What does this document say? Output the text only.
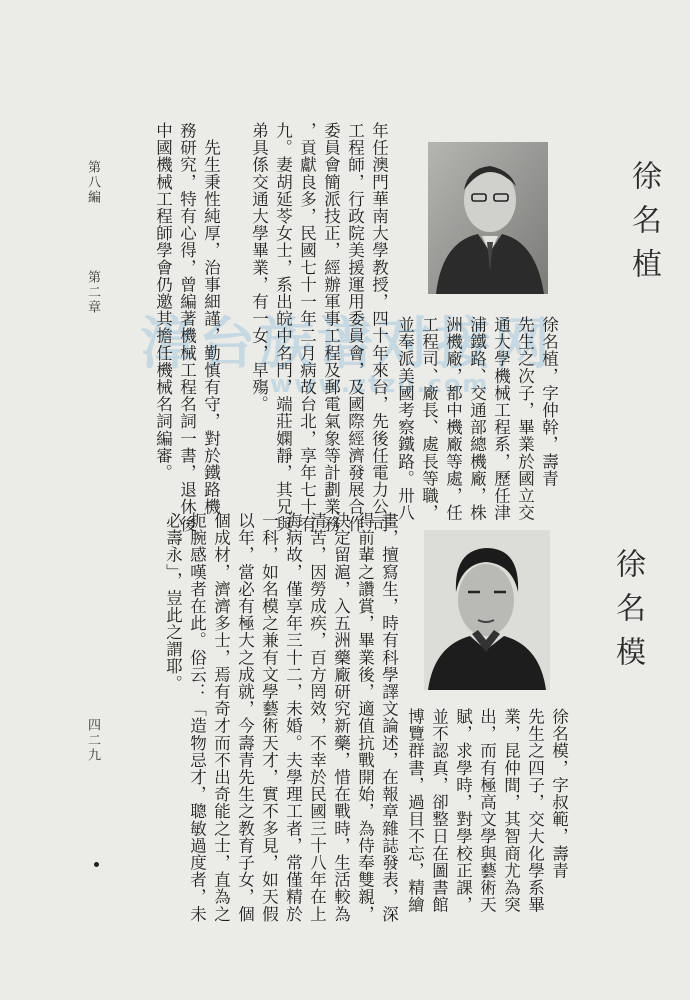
漳台族谱对接网
www.ztzu.com
徐名植
徐名模
徐名植，字仲幹，壽青
先生之次子，畢業於國立交
通大學機械工程系，歷任津
浦鐵路、交通部總機廠，株
洲機廠，都中機廠等處，任
工程司、廠長、處長等職，
並奉派美國考察鐵路。卅八
年任澳門華南大學教授，四十年來台，先後任電力公司
工程師，行政院美援運用委員會，及國際經濟發展合作
委員會簡派技正，經辦軍事工程及郵電氣象等計劃業務
，貢獻良多，民國七十一年二月病故台北，享年七十有
九。妻胡延苓女士，系出皖中名門，端莊嫻靜，其兄與
弟具係交通大學畢業，有一女，早殤。
　先生秉性純厚，治事細謹，勤慎有守，對於鐵路機
務研究，特有心得，曾編著機械工程名詞一書，退休後
中國機械工程師學會仍邀其擔任機械名詞編審。
徐名模，字叔範，壽青
先生之四子，交大化學系畢
業，昆仲間，其智商尤為突
出，而有極高文學與藝術天
賦，求學時，對學校正課，
並不認真，卻整日在圖書館
博覽群書，過目不忘，精繪
畫，擅寫生，時有科學譯文論述，在報章雜誌發表，深
得前輩之讚賞，畢業後，適值抗戰開始，為侍奉雙親，
決定留滬，入五洲藥廠研究新藥，惜在戰時，生活較為
清苦，因勞成疾，百方罔效，不幸於民國三十八年在上
海病故，僅享年三十二，未婚。夫學理工者，常僅精於
一科，如名模之兼有文學藝術天才，實不多見，如天假
以年，當必有極大之成就，今壽青先生之教育子女，個
個成材，濟濟多士，焉有奇才而不出奇能之士，直為之
扼腕感嘆者在此。俗云：「造物忌才，聰敏過度者，未
必壽永」，豈此之謂耶。
第八編
第二章
四二九
